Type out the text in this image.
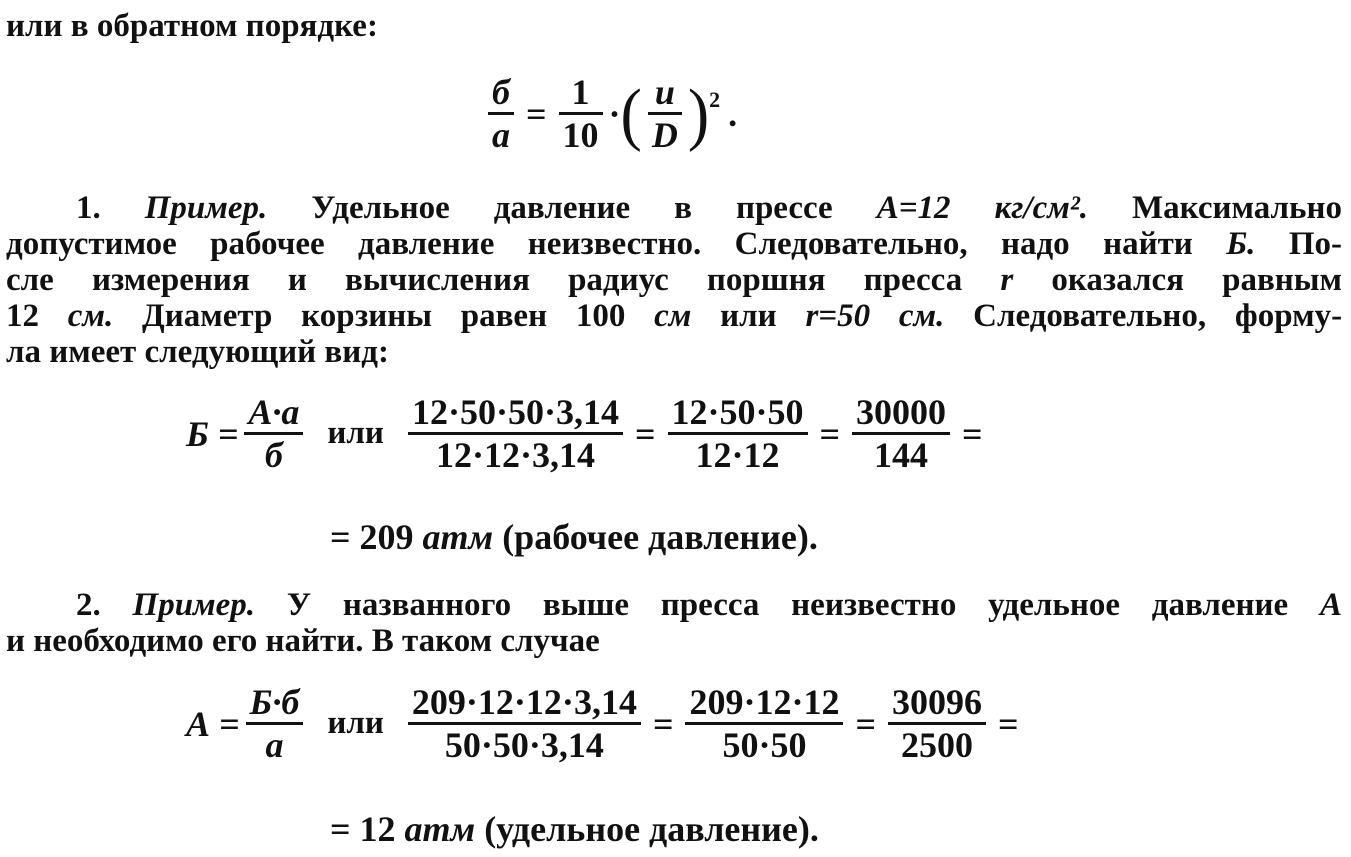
или в обратном порядке:
$\frac{б}{а} = \frac{1}{10}$ · ( $\frac{u}{D}$ ) 2 .
1. Пример. Удельное давление в прессе А=12 кг/см². Максимально
допустимое рабочее давление неизвестно. Следовательно, надо найти Б. По-
сле измерения и вычисления радиус поршня пресса r оказался равным
12 см. Диаметр корзины равен 100 см или r=50 см. Следовательно, форму-
ла имеет следующий вид:
$Б = \frac{А\cdot а}{б}$ или $\frac{12\cdot 50\cdot 50\cdot 3,14}{12\cdot 12\cdot 3,14} = \frac{12\cdot 50\cdot 50}{12\cdot 12} = \frac{30000}{144}$ =
= 209 атм (рабочее давление).
2. Пример. У названного выше пресса неизвестно удельное давление А
и необходимо его найти. В таком случае
$А = \frac{Б\cdot б}{а}$ или $\frac{209\cdot 12\cdot 12\cdot 3,14}{50\cdot 50\cdot 3,14} = \frac{209\cdot 12\cdot 12}{50\cdot 50} = \frac{30096}{2500}$ =
= 12 атм (удельное давление).
